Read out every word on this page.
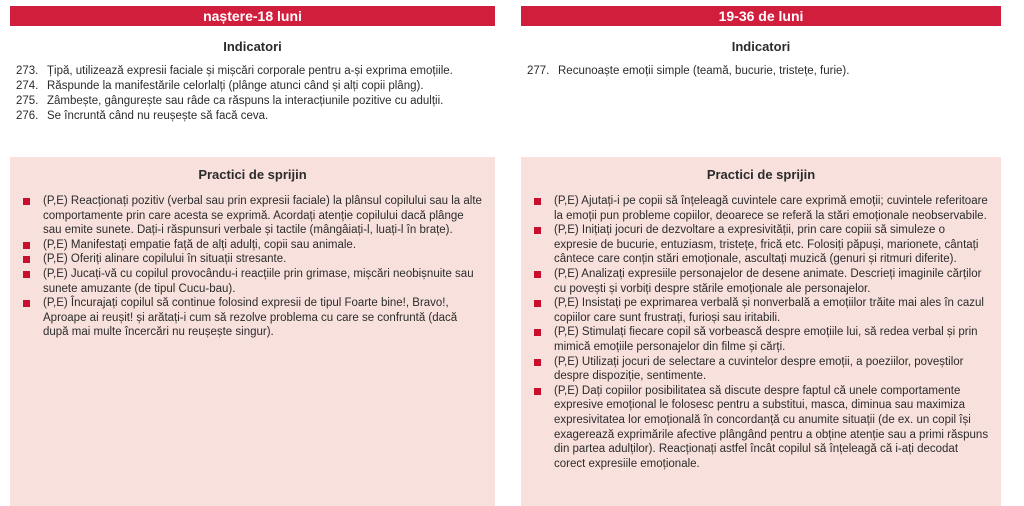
naștere-18 luni
Indicatori
273. Țipă, utilizează expresii faciale și mișcări corporale pentru a-și exprima emoțiile.
274. Răspunde la manifestările celorlalți (plânge atunci când și alți copii plâng).
275. Zâmbește, gângurește sau râde ca răspuns la interacțiunile pozitive cu adulții.
276. Se încruntă când nu reușește să facă ceva.
Practici de sprijin
(P,E) Reacționați pozitiv (verbal sau prin expresii faciale) la plânsul copilului sau la alte comportamente prin care acesta se exprimă. Acordați atenție copilului dacă plânge sau emite sunete. Dați-i răspunsuri verbale și tactile (mângâiați-l, luați-l în brațe).
(P,E) Manifestați empatie față de alți adulți, copii sau animale.
(P,E) Oferiți alinare copilului în situații stresante.
(P,E) Jucați-vă cu copilul provocându-i reacțiile prin grimase, mișcări neobișnuite sau sunete amuzante (de tipul Cucu-bau).
(P,E) Încurajați copilul să continue folosind expresii de tipul Foarte bine!, Bravo!, Aproape ai reușit! și arătați-i cum să rezolve problema cu care se confruntă (dacă după mai multe încercări nu reușește singur).
19-36 de luni
Indicatori
277. Recunoaște emoții simple (teamă, bucurie, tristețe, furie).
Practici de sprijin
(P,E) Ajutați-i pe copii să înțeleagă cuvintele care exprimă emoții; cuvintele referitoare la emoții pun probleme copiilor, deoarece se referă la stări emoționale neobservabile.
(P,E) Inițiați jocuri de dezvoltare a expresivității, prin care copiii să simuleze o expresie de bucurie, entuziasm, tristețe, frică etc. Folosiți păpuși, marionete, cântați cântece care conțin stări emoționale, ascultați muzică (genuri și ritmuri diferite).
(P,E) Analizați expresiile personajelor de desene animate. Descrieți imaginile cărților cu povești și vorbiți despre stările emoționale ale personajelor.
(P,E) Insistați pe exprimarea verbală și nonverbală a emoțiilor trăite mai ales în cazul copiilor care sunt frustrați, furioși sau iritabili.
(P,E) Stimulați fiecare copil să vorbească despre emoțiile lui, să redea verbal și prin mimică emoțiile personajelor din filme și cărți.
(P,E) Utilizați jocuri de selectare a cuvintelor despre emoții, a poeziilor, poveștilor despre dispoziție, sentimente.
(P,E) Dați copiilor posibilitatea să discute despre faptul că unele comportamente expresive emoțional le folosesc pentru a substitui, masca, diminua sau maximiza expresivitatea lor emoțională în concordanță cu anumite situații (de ex. un copil își exagerează exprimările afective plângând pentru a obține atenție sau a primi răspuns din partea adulților). Reacționați astfel încât copilul să înțeleagă că i-ați decodat corect expresiile emoționale.
